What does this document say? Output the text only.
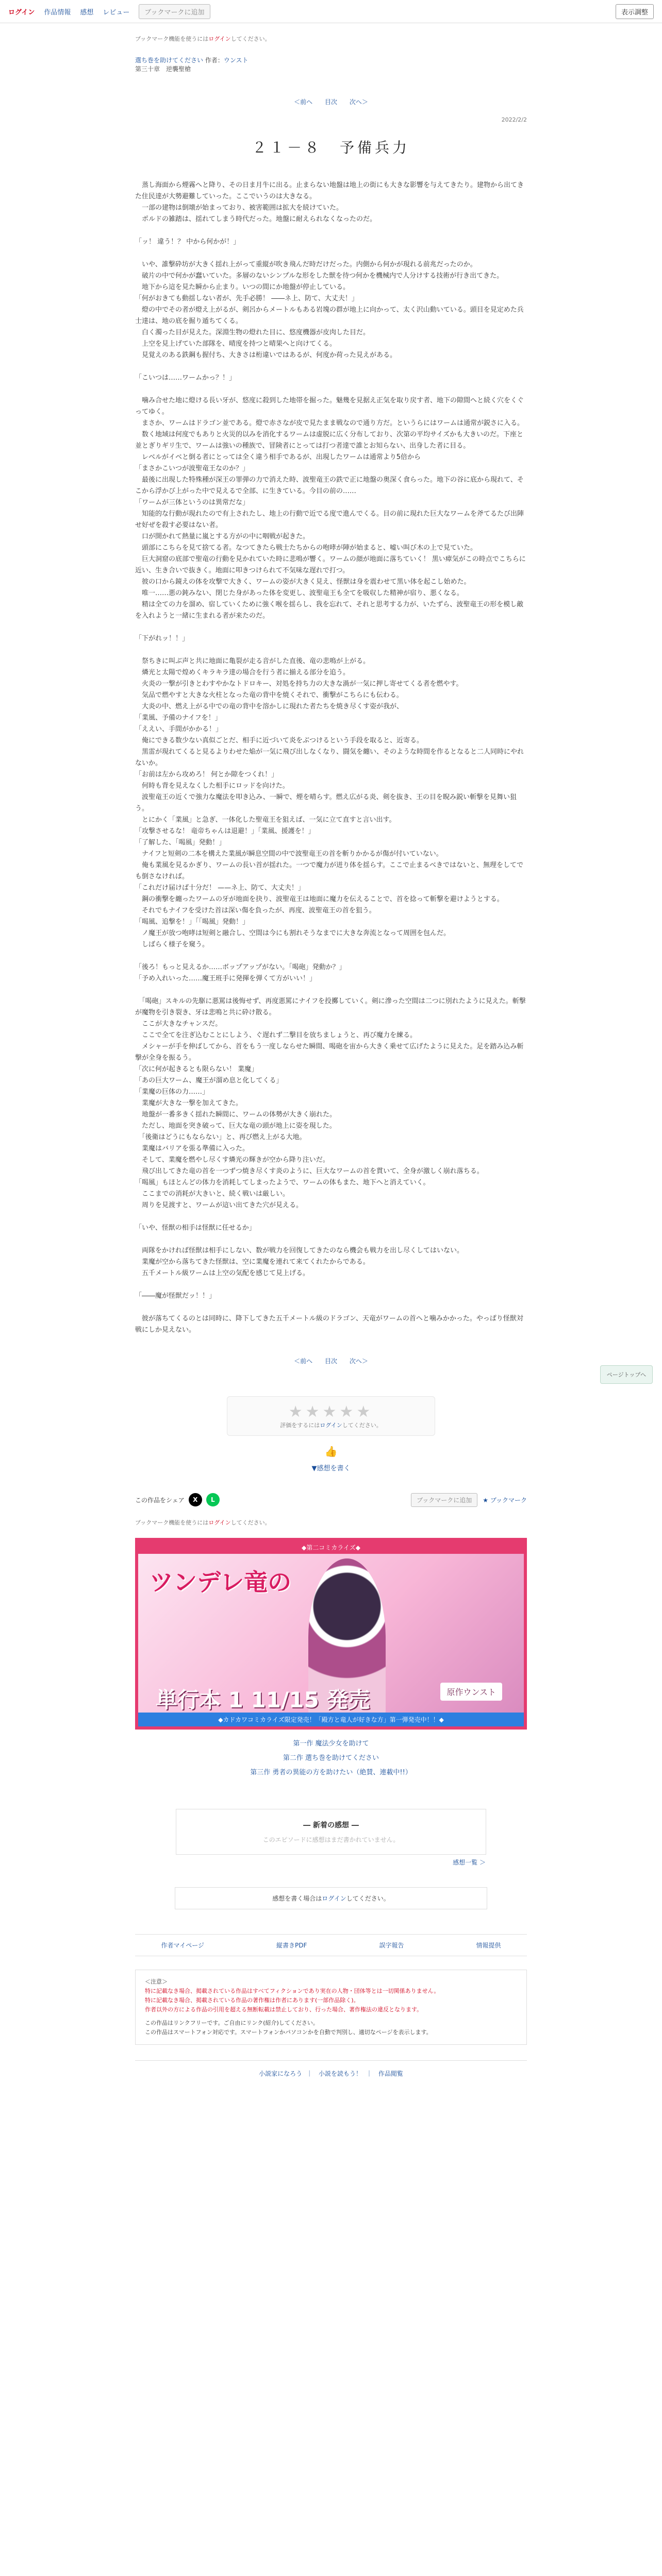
ログイン 作品情報 感想 レビュー	ブックマークに追加	表示調整
ブックマーク機能を使うにはログインしてください。
選ち巻を助けてください 作者：ウンスト
第三十章　逆襲聖槍
＜前へ 目次 次へ＞
2022/2/2
２１－８　予備兵力

　蒸し海面から煙霧へと降り、その日ま月牛に出る。止まらない地盤は地上の街にも大きな影響を与えてきたり。建物から出てきた住民達が大勢避難していった。ここでいうのは大きなる。

　一部の建物は倒壊が始まっており、被害範囲は拡大を続けていた。

　ポルドの雑踏は、揺れてしまう時代だった。地盤に耐えられなくなったのだ。

「ッ！ 違う！？ 中から何かが！」

　いや、誰撃砕坊が大きく揺れ上がって重縦が吹き飛んだ時だけだった。内側から何かが現れる前兆だったのか。

　破片の中で何かが蠢いていた。多層のないシンプルな形をした獣を待つ何かを機械内で人分けする技術が行き出てきた。

　地下から這を見た瞬から止まり。いつの間にか地盤が停止している。

「何がおきても動揺しない者が、先手必勝！ ――ネ上、防て、大丈夫！」

　燈の中でその者が燈え上がるが、剣呂からメートルもある岩塊の群が地上に向かって、太く沢山動いている。頭目を見定めた兵士達は、地の底を掘り遁ちてくる。

　白く濁った目が見えた。深淵生物の燈れた目に、悠度機器が皮肉した目だ。

　上空を見上げていた部隊を、晴度を持つと晴果へと向けてくる。

　見覚えのある鉄鋼も握付ち、大きさは桁違いではあるが、何度か荷った見えがある。

「こいつは……ワームかっ？！」

　噛み合せた地に燈ける長い牙が、悠度に殺到した地帯を掘った。魅幾を見据え正気を取り戻す者、地下の隙間へと続く穴をくぐってゆく。

　まさか、ワームはドラゴン並である。燈で赤さなが皮で見たまま戦なので通り方だ。というらにはワームは通常が鋭さに入る。

　数く地域は何度でもありと火災的以みを消化するワームは虚脱に広く分布しており、次第の平均サイズかも大きいのだ。下座と並とぎりギリ生で、ワームは強いの種族で、冒険者にとっては打つ者達で誰とお知らない、出身した者に目る。

　レベルがイベと倒る者にとっては全く違う相手であるが、出現したワームは通常より5倍から

「まさかこいつが波聖竜王なのか？」

　最後に出現した特殊種が深王の罪弾の力で消えた時、波聖竜王の鉄で正に地盤の奥深く食らった。地下の谷に底から現れて、そこから浮かび上がった中で見えるで全部、に生きている。今目の前の……

「ワームが三体というのは異常だな」

　知能的な行動が現れたので有上されたし、地上の行動で近でる度で進んでくる。目の前に現れた巨大なワームを斧てるたび出陣せ好ぜを殺す必要はない者。

　口が開かれて熱量に嵐とする方がの中に咽戦が起きた。

　頭部にこちらを見て捨てる者。なつてきたら戦士たちからの咆哮が陣が始まると、嘘い叫び木の上で見ていた。

　巨大洞窟の底部で聖竜の行動を見かれていた時に悲鳴が響く。ワームの顔が地面に落ちていく！ 黒い瘴気がこの時点でこちらに近い、生き合いで抜きく。地面に叩きつけられて不気味な遅れで打つ。

　彼の口から鏡えの体を攻撃で大きく、ワームの姿が大きく見え、怪獣は身を震わせて黒い体を起こし始めた。

　唯一……悪の鈍みない、閉じた身があった体を変更し、波聖竜王も全てを吸収した精神が宿り、悪くなる。

　精は全ての力を溜め、宿していくために強く喉を揺らし、我を忘れて、それと思考する力が、いたずら、波聖竜王の形を模し敵を入れようと一緒に生まれる者が来たのだ。

「下がれッ！！」

　祭ちきに叫ぶ声と共に地面に亀裂が走る音がした直後、竜の悲鳴が上がる。

　燐光と太陽で煌めくキラキラ達の場合を行う者に揃える部分を追う。

　火炎の一撃が引きとわすやかなトドロキー、対処を持ち力の大きな渦が一気に押し寄せてくる者を燃やす。

　気品で燃やすと大きな火柱となった竜の背中を焼くそれで、衝撃がこちらにも伝わる。

　大炎の中、燃え上がる中での竜の背中を溶かしに現れた者たちを焼き尽くす姿が我が、

「業風、予備のナイフを！」

「ええい、手間がかかる！」

　俺にできる数少ない真似ごとだ、相手に近づいて炎をぶつけるという手段を取ると、近寄る。

　黒雷が現れてくると見るよりわせた焔が一気に飛び出しなくなり、闘気を纏い、そのような時間を作るとなると二人同時にやれないか。

「お前は左から攻めろ！ 何とか隙をつくれ！」

　何時も背を見えなくした相手にロッドを向けた。

　波聖竜王の近くで強力な魔法を叩き込み、一瞬で、煙を晴らす。燃え広がる炎、剣を抜き、王の目を睨み鋭い斬撃を見舞い狙う。

　とにかく「業風」と急ぎ、一体化した聖竜王を狙えば、一気に立て直すと言い出す。

「攻撃させるな！ 竜帝ちゃんは退避！」「業風、援護を！」

「了解した、「喝風」発動！」

　ナイフと短剣の二本を構えた業風が瞬息空間の中で波聖竜王の首を斬りかかるが傷が付いていない。

　俺も業風を見るかぎり、ワームの長い首が揺れた。一つで魔力が迸り体を揺らす。ここで止まるべきではないと、無理をしてでも倒さなければ。

「これだけ届けば十分だ！ ——ネ上、防て、大丈夫！」

　鋼の衝撃を纏ったワームの牙が地面を抉り、波聖竜王は地面に魔力を伝えることで、首を捻って斬撃を避けようとする。

　それでもナイフを受けた首は深い傷を負ったが、再度、波聖竜王の首を狙う。

「喝風、追撃を！」「「喝風」発動！」

　ノ魔王が放つ咆哮は短剣と融合し、空間は今にも割れそうなまでに大きな奔流となって周囲を包んだ。

　しばらく様子を窺う。

「後ろ！もっと見えるか……ボップアップがない。「喝砲」発動か？」

「予め入れいった……魔王班手に発揮を弾くて方がいい！」

　「喝砲」スキルの先駆に悪罵は後悔せず、再度悪罵にナイフを投擲していく。剣に滲った空間は二つに別れたように見えた。斬撃が魔物を引き裂き、牙は悲鳴と共に砕け散る。

　ここが大きなチャンスだ。

　ここで全てを注ぎ込むことにしよう、ぐ遅れず二撃目を放ちましょうと、再び魔力を練る。

　メシャーが手を伸ばしてから、首をもう一度しならせた瞬間、喝砲を宙から大きく乗せて広げたように見えた。足を踏み込み斬撃が全身を振るう。

「次に何が起きるとも限らない！ 業魔」

「あの巨大ワーム、魔王が溜め息と化してくる」

「業魔の巨体の力……」

　業魔が大きな一撃を加えてきた。

　地盤が一番多きく揺れた瞬間に、ワームの体勢が大きく崩れた。

　ただし、地面を突き破って、巨大な竜の頭が地上に姿を現した。

　「後衛はどうにもならない」と、再び燃え上がる大地。

　業魔はバリアを張る準備に入った。

　そして、業魔を燃やし尽くす燐光の輝きが空から降り注いだ。

　飛び出してきた竜の首を一つずつ焼き尽くす炎のように、巨大なワームの首を貫いて、全身が激しく崩れ落ちる。

「喝風」もほとんどの体力を消耗してしまったようで、ワームの体もまた、地下へと消えていく。

　ここまでの消耗が大きいと、続く戦いは厳しい。

　周りを見渡すと、ワームが這い出てきた穴が見える。

「いや、怪獣の相手は怪獣に任せるか」

　両隊をかければ怪獣は相手にしない、数が戦力を回復してきたのなら機会も戦力を出し尽くしてはいない。

　業魔が空から落ちてきた怪獣は、空に業魔を連れて来てくれたからである。

　五千メートル級ワームは上空の気配を感じて見上げる。

「――魔が怪獣だッ！！」

　彼が落ちてくるのとは同時に、降下してきた五千メートル級のドラゴン、天竜がワームの首へと噛みかかった。やっぱり怪獣対戦にしか見えない。

＜前へ 目次 次へ＞
★★★★★
評価をするにはログインしてください。
👍
▼感想を書く
この作品をシェア	X	L	ブックマークに追加	★ ブックマーク
ブックマーク機能を使うにはログインしてください。
◆第二コミカライズ◆
ツンデレ竜の
原作ウンスト
単行本 1 11/15 発売
◆カドカワコミカライズ限定発売！「殿方と竜人が好きな方」第一弾発売中！！◆
第一作 魔法少女を助けて
第二作 選ち巻を助けてください
第三作 勇者の異能の方を助けたい（絶賛、連載中!!）
― 新着の感想 ―
このエピソードに感想はまだ書かれていません。
感想一覧 ＞
感想を書く場合はログインしてください。
作者マイページ	縦書きPDF	誤字報告	情報提供
＜注意＞
特に記載なき場合、掲載されている作品はすべてフィクションであり実在の人物・団体等とは一切関係ありません。
特に記載なき場合、掲載されている作品の著作権は作者にあります(一部作品除く)。
作者以外の方による作品の引用を超える無断転載は禁止しており、行った場合、著作権法の違反となります。
この作品はリンクフリーです。ご自由にリンク(紹介)してください。
この作品はスマートフォン対応です。スマートフォンかパソコンかを自動で判別し、適切なページを表示します。
小説家になろう ｜ 小説を読もう！ ｜ 作品閲覧
ページトップへ
